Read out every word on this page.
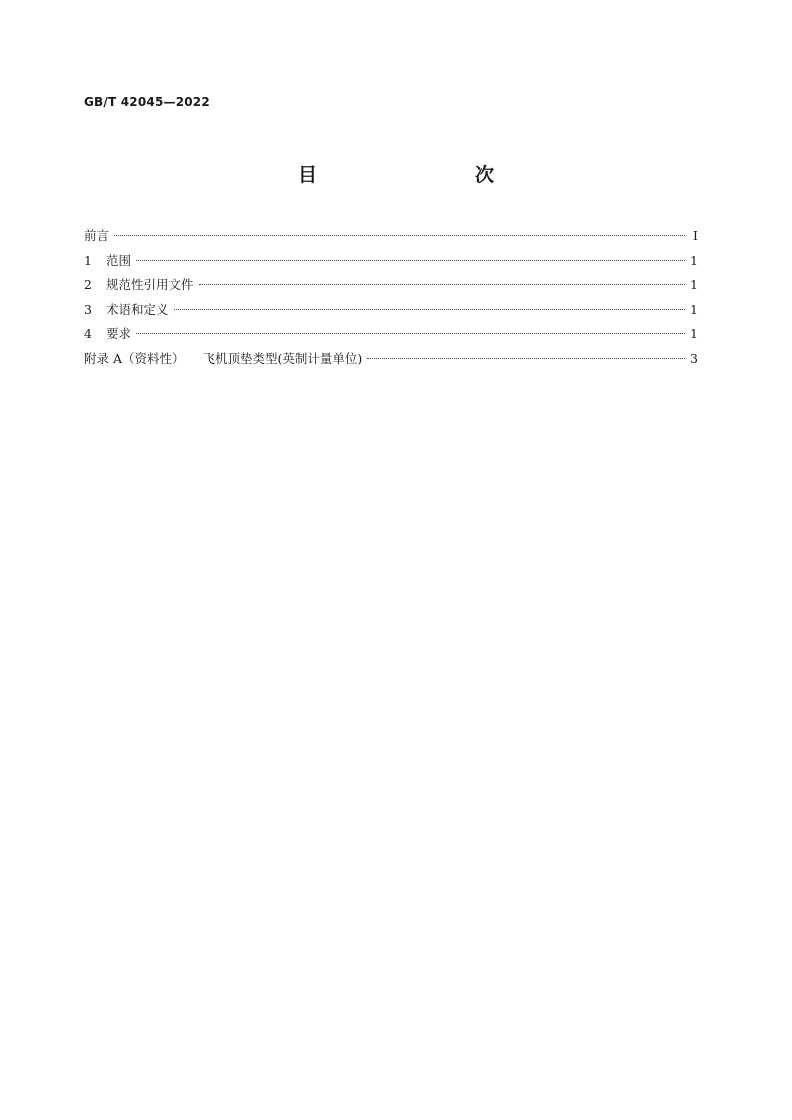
GB/T 42045—2022
目　　次
前言	Ⅰ
1	范围	1
2	规范性引用文件	1
3	术语和定义	1
4	要求	1
附录 A（资料性） 飞机顶垫类型(英制计量单位)	3
